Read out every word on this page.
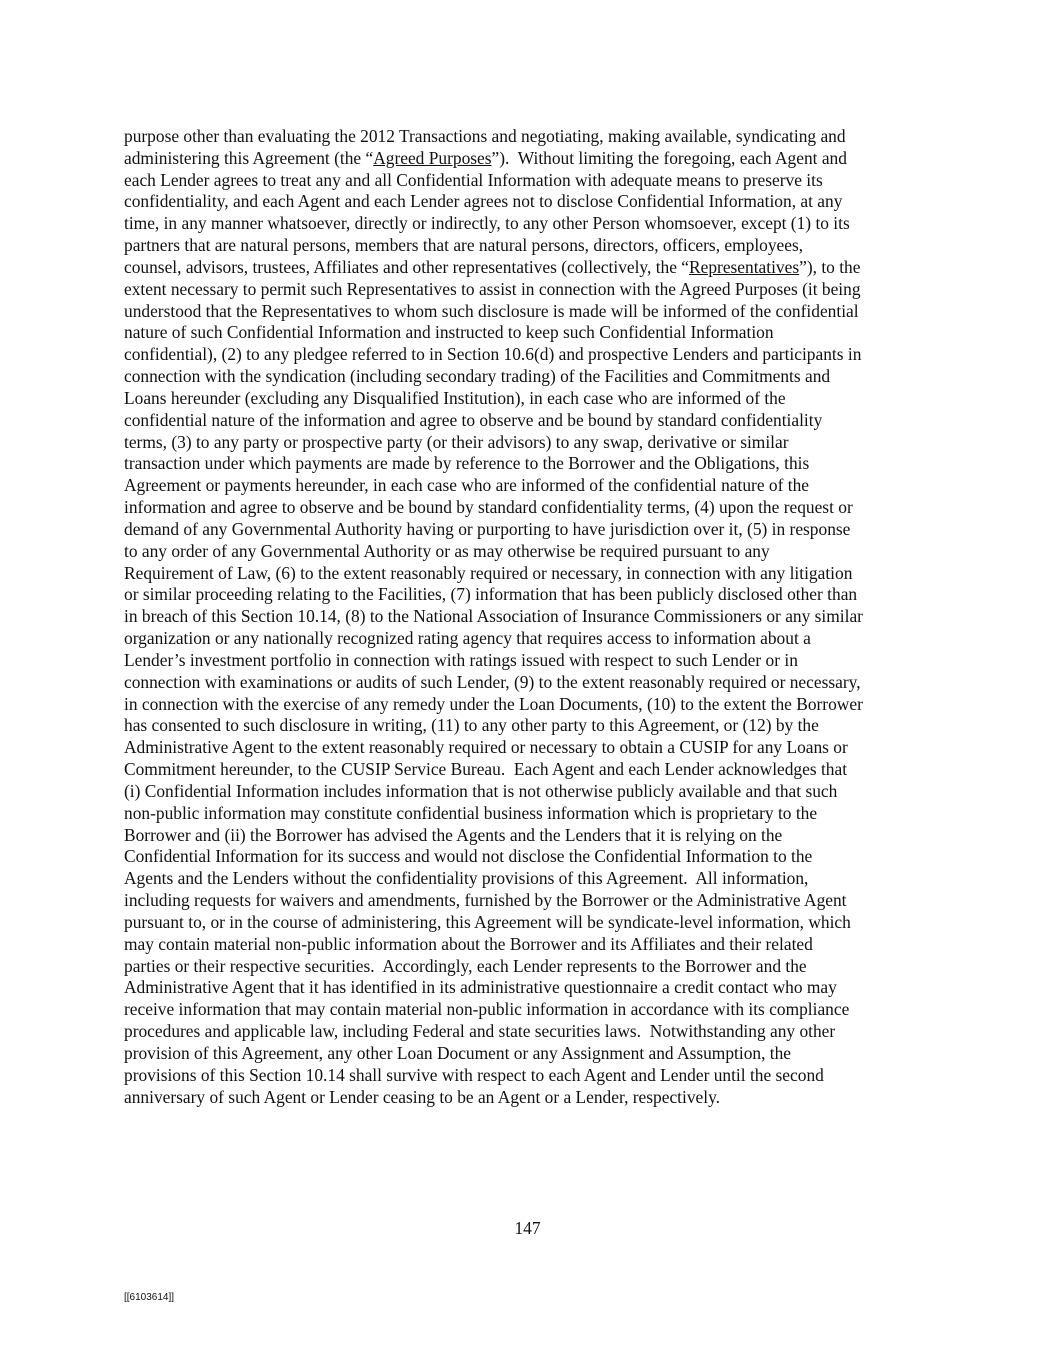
purpose other than evaluating the 2012 Transactions and negotiating, making available, syndicating and
administering this Agreement (the “Agreed Purposes”).  Without limiting the foregoing, each Agent and
each Lender agrees to treat any and all Confidential Information with adequate means to preserve its
confidentiality, and each Agent and each Lender agrees not to disclose Confidential Information, at any
time, in any manner whatsoever, directly or indirectly, to any other Person whomsoever, except (1) to its
partners that are natural persons, members that are natural persons, directors, officers, employees,
counsel, advisors, trustees, Affiliates and other representatives (collectively, the “Representatives”), to the
extent necessary to permit such Representatives to assist in connection with the Agreed Purposes (it being
understood that the Representatives to whom such disclosure is made will be informed of the confidential
nature of such Confidential Information and instructed to keep such Confidential Information
confidential), (2) to any pledgee referred to in Section 10.6(d) and prospective Lenders and participants in
connection with the syndication (including secondary trading) of the Facilities and Commitments and
Loans hereunder (excluding any Disqualified Institution), in each case who are informed of the
confidential nature of the information and agree to observe and be bound by standard confidentiality
terms, (3) to any party or prospective party (or their advisors) to any swap, derivative or similar
transaction under which payments are made by reference to the Borrower and the Obligations, this
Agreement or payments hereunder, in each case who are informed of the confidential nature of the
information and agree to observe and be bound by standard confidentiality terms, (4) upon the request or
demand of any Governmental Authority having or purporting to have jurisdiction over it, (5) in response
to any order of any Governmental Authority or as may otherwise be required pursuant to any
Requirement of Law, (6) to the extent reasonably required or necessary, in connection with any litigation
or similar proceeding relating to the Facilities, (7) information that has been publicly disclosed other than
in breach of this Section 10.14, (8) to the National Association of Insurance Commissioners or any similar
organization or any nationally recognized rating agency that requires access to information about a
Lender’s investment portfolio in connection with ratings issued with respect to such Lender or in
connection with examinations or audits of such Lender, (9) to the extent reasonably required or necessary,
in connection with the exercise of any remedy under the Loan Documents, (10) to the extent the Borrower
has consented to such disclosure in writing, (11) to any other party to this Agreement, or (12) by the
Administrative Agent to the extent reasonably required or necessary to obtain a CUSIP for any Loans or
Commitment hereunder, to the CUSIP Service Bureau.  Each Agent and each Lender acknowledges that
(i) Confidential Information includes information that is not otherwise publicly available and that such
non-public information may constitute confidential business information which is proprietary to the
Borrower and (ii) the Borrower has advised the Agents and the Lenders that it is relying on the
Confidential Information for its success and would not disclose the Confidential Information to the
Agents and the Lenders without the confidentiality provisions of this Agreement.  All information,
including requests for waivers and amendments, furnished by the Borrower or the Administrative Agent
pursuant to, or in the course of administering, this Agreement will be syndicate-level information, which
may contain material non-public information about the Borrower and its Affiliates and their related
parties or their respective securities.  Accordingly, each Lender represents to the Borrower and the
Administrative Agent that it has identified in its administrative questionnaire a credit contact who may
receive information that may contain material non-public information in accordance with its compliance
procedures and applicable law, including Federal and state securities laws.  Notwithstanding any other
provision of this Agreement, any other Loan Document or any Assignment and Assumption, the
provisions of this Section 10.14 shall survive with respect to each Agent and Lender until the second
anniversary of such Agent or Lender ceasing to be an Agent or a Lender, respectively.
147
[[6103614]]
